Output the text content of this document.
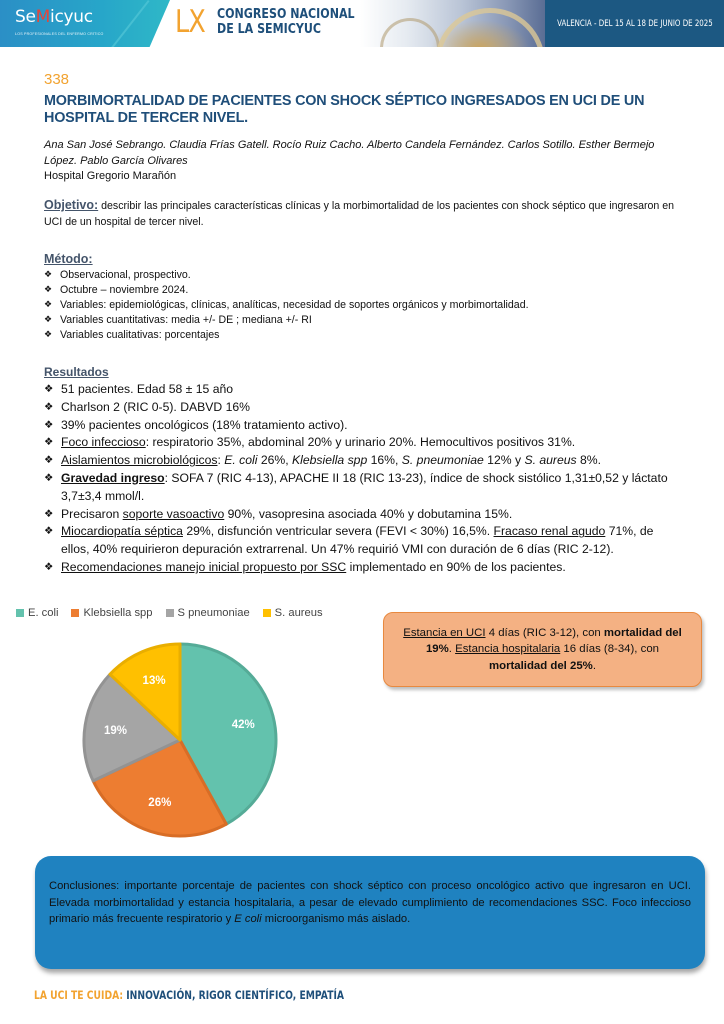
SeMicyuc
LOS PROFESIONALES DEL ENFERMO CRÍTICO LX CONGRESO NACIONAL
DE LA SEMICYUC	VALENCIA - DEL 15 AL 18 DE JUNIO DE 2025
338
MORBIMORTALIDAD DE PACIENTES CON SHOCK SÉPTICO INGRESADOS EN UCI DE UN HOSPITAL DE TERCER NIVEL.
Ana San José Sebrango. Claudia Frías Gatell. Rocío Ruiz Cacho. Alberto Candela Fernández. Carlos Sotillo. Esther Bermejo López. Pablo García Olivares
Hospital Gregorio Marañón
Objetivo: describir las principales características clínicas y la morbimortalidad de los pacientes con shock séptico que ingresaron en UCI de un hospital de tercer nivel.
Método:
❖ Observacional, prospectivo.
❖ Octubre – noviembre 2024.
❖ Variables: epidemiológicas, clínicas, analíticas, necesidad de soportes orgánicos y morbimortalidad.
❖ Variables cuantitativas: media +/- DE ; mediana +/- RI
❖ Variables cualitativas: porcentajes
Resultados
❖ 51 pacientes. Edad 58 ± 15 año
❖ Charlson 2 (RIC 0-5). DABVD 16%
❖ 39% pacientes oncológicos (18% tratamiento activo).
❖ Foco infeccioso: respiratorio 35%, abdominal 20% y urinario 20%. Hemocultivos positivos 31%.
❖ Aislamientos microbiológicos: E. coli 26%, Klebsiella spp 16%, S. pneumoniae 12% y S. aureus 8%.
❖ Gravedad ingreso: SOFA 7 (RIC 4-13), APACHE II 18 (RIC 13-23), índice de shock sistólico 1,31±0,52 y láctato 3,7±3,4 mmol/l.
❖ Precisaron soporte vasoactivo 90%, vasopresina asociada 40% y dobutamina 15%.
❖ Miocardiopatía séptica 29%, disfunción ventricular severa (FEVI < 30%) 16,5%. Fracaso renal agudo 71%, de ellos, 40% requirieron depuración extrarrenal. Un 47% requirió VMI con duración de 6 días (RIC 2-12).
❖ Recomendaciones manejo inicial propuesto por SSC implementado en 90% de los pacientes.
E. coli Klebsiella spp S pneumoniae S. aureus
42%
26%
19%
13%
Estancia en UCI 4 días (RIC 3-12), con mortalidad del 19%. Estancia hospitalaria 16 días (8-34), con mortalidad del 25%.

Conclusiones: importante porcentaje de pacientes con shock séptico con proceso oncológico activo que ingresaron en UCI. Elevada morbimortalidad y estancia hospitalaria, a pesar de elevado cumplimiento de recomendaciones SSC. Foco infeccioso primario más frecuente respiratorio y E coli microorganismo más aislado.

LA UCI TE CUIDA: INNOVACIÓN, RIGOR CIENTÍFICO, EMPATÍA
